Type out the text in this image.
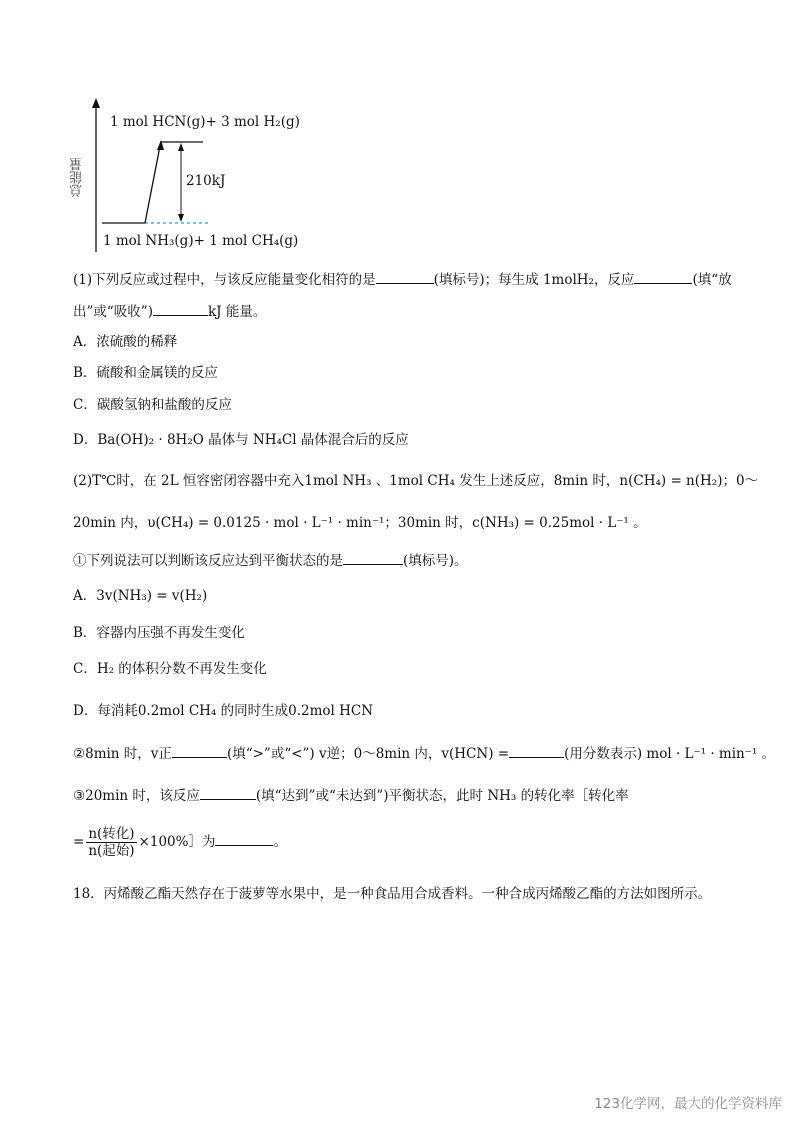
总能量
1 mol HCN(g)+ 3 mol H₂(g)
210kJ
1 mol NH₃(g)+ 1 mol CH₄(g)
(1)下列反应或过程中，与该反应能量变化相符的是	(填标号)；每生成 1molH₂，反应	(填“放
出”或“吸收”)	kJ 能量。
A．浓硫酸的稀释
B．硫酸和金属镁的反应
C．碳酸氢钠和盐酸的反应
D．Ba(OH)₂ · 8H₂O 晶体与 NH₄Cl 晶体混合后的反应
(2)T℃时，在 2L 恒容密闭容器中充入1mol NH₃ 、1mol CH₄ 发生上述反应，8min 时，n(CH₄) = n(H₂)；0～
20min 内，υ(CH₄) = 0.0125 · mol · L⁻¹ · min⁻¹；30min 时，c(NH₃) = 0.25mol · L⁻¹ 。
①下列说法可以判断该反应达到平衡状态的是	(填标号)。
A．3v(NH₃) = v(H₂)
B．容器内压强不再发生变化
C．H₂ 的体积分数不再发生变化
D．每消耗0.2mol CH₄ 的同时生成0.2mol HCN
②8min 时，v正	(填“>”或“<”) v逆；0～8min 内，v(HCN) =	(用分数表示) mol · L⁻¹ · min⁻¹ 。
③20min 时，该反应	(填“达到”或“未达到”)平衡状态，此时 NH₃ 的转化率［转化率
= $\frac{\text{n(转化)}}{\text{n(起始)}}$ ×100%］为	。
18．丙烯酸乙酯天然存在于菠萝等水果中，是一种食品用合成香料。一种合成丙烯酸乙酯的方法如图所示。
123化学网，最大的化学资料库
